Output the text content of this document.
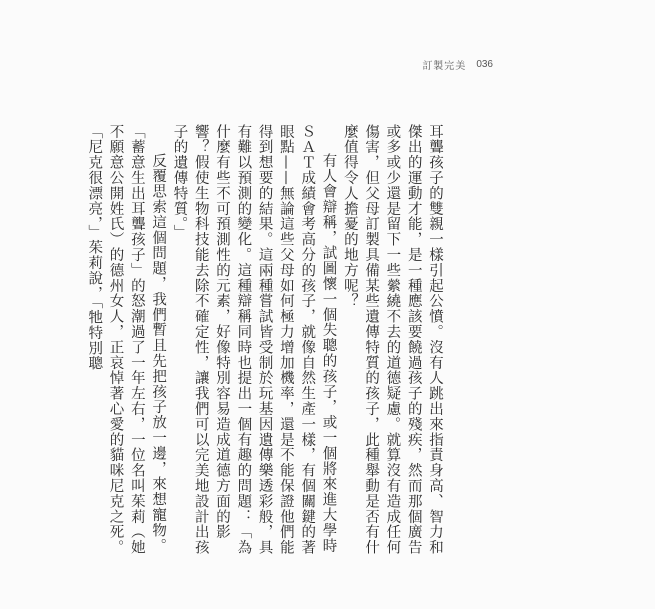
訂製完美 036

耳聾孩子的雙親一樣引起公憤。沒有人跳出來指責身高、智力和傑出的運動才能，是一種應該要饒過孩子的殘疾，然而那個廣告或多或少還是留下一些縈繞不去的道德疑慮。就算沒有造成任何傷害，但父母訂製具備某些遺傳特質的孩子，此種舉動是否有什麼值得令人擔憂的地方呢？

有人會辯稱，試圖懷一個失聰的孩子，或一個將來進大學時ＳＡＴ成績會考高分的孩子，就像自然生產一樣，有個關鍵的著眼點——無論這些父母如何極力增加機率，還是不能保證他們能得到想要的結果。這兩種嘗試皆受制於玩基因遺傳樂透彩般，具有難以預測的變化。這種辯稱同時也提出一個有趣的問題：「為什麼有些不可預測性的元素，好像特別容易造成道德方面的影響？假使生物科技能去除不確定性，讓我們可以完美地設計出孩子的遺傳特質。」

反覆思索這個問題，我們暫且先把孩子放一邊，來想寵物。「蓄意生出耳聾孩子」的怒潮過了一年左右，一位名叫茱莉（她不願意公開姓氏）的德州女人，正哀悼著心愛的貓咪尼克之死。「尼克很漂亮，」茱莉說，「牠特別聰
